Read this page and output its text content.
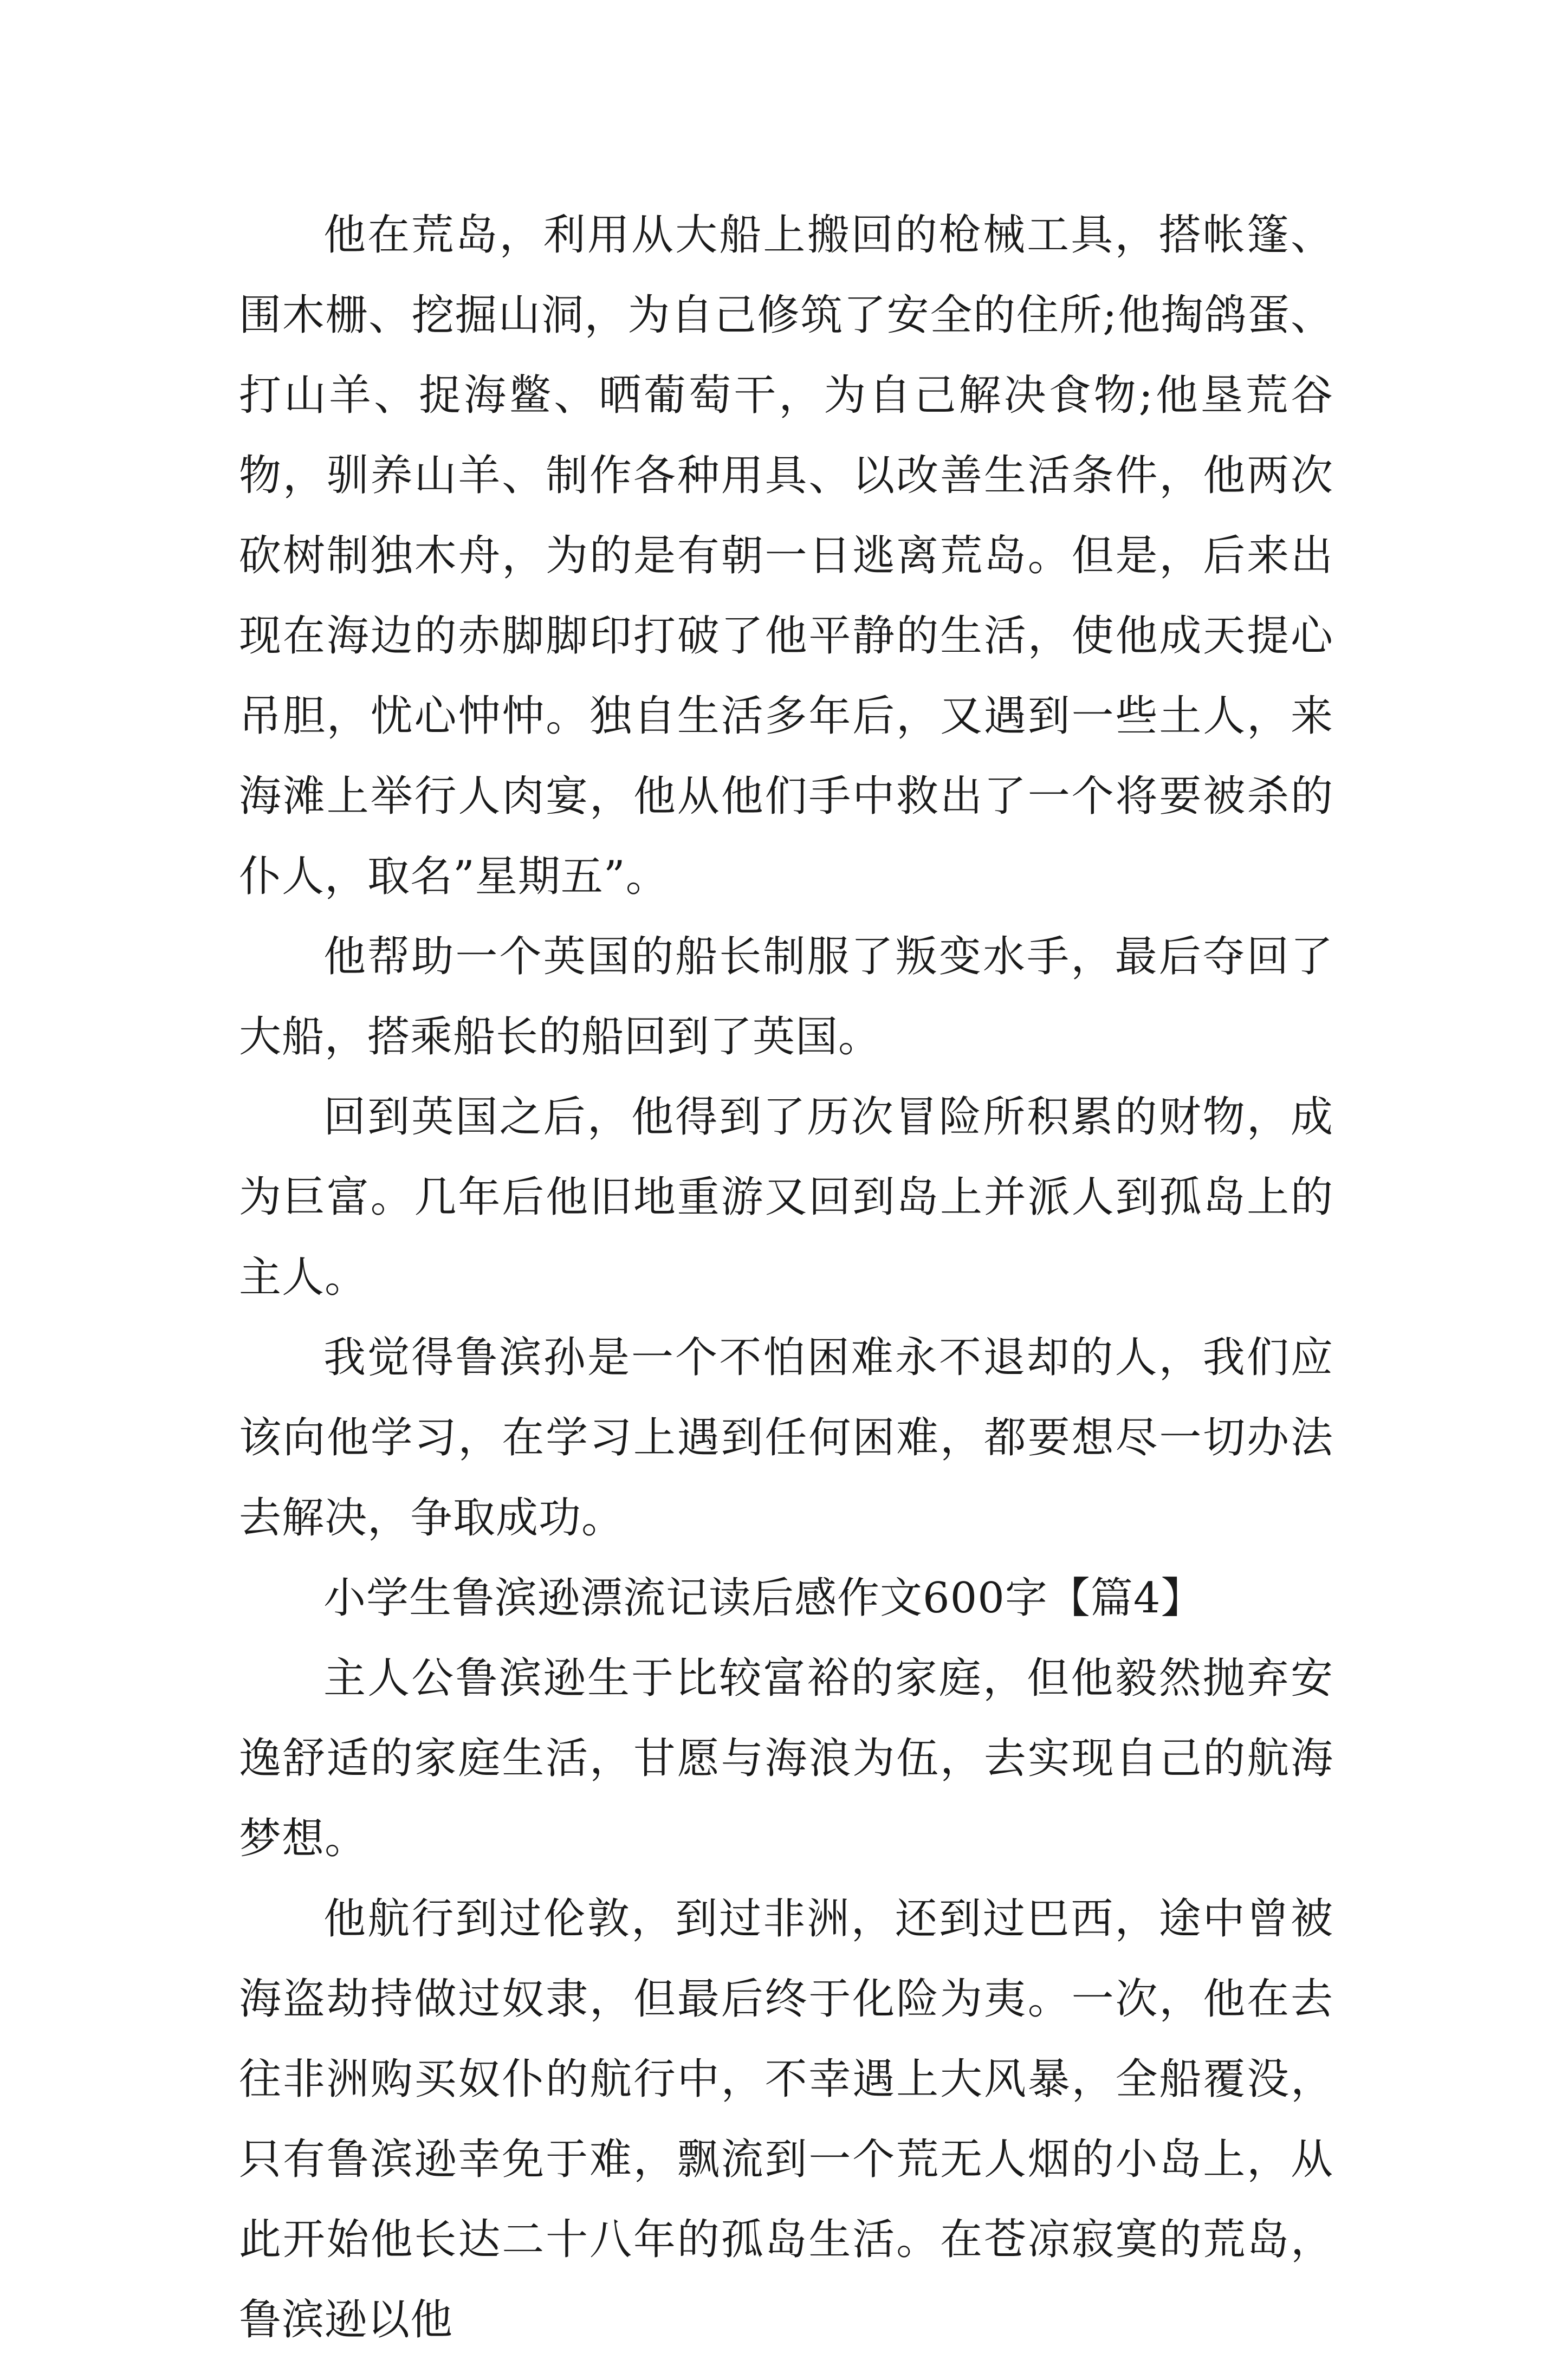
他在荒岛，利用从大船上搬回的枪械工具，搭帐篷、围木栅、挖掘山洞，为自己修筑了安全的住所;他掏鸽蛋、打山羊、捉海鳖、晒葡萄干，为自己解决食物;他垦荒谷物，驯养山羊、制作各种用具、以改善生活条件，他两次砍树制独木舟，为的是有朝一日逃离荒岛。但是，后来出现在海边的赤脚脚印打破了他平静的生活，使他成天提心吊胆，忧心忡忡。独自生活多年后，又遇到一些土人，来海滩上举行人肉宴，他从他们手中救出了一个将要被杀的仆人，取名”星期五”。

他帮助一个英国的船长制服了叛变水手，最后夺回了大船，搭乘船长的船回到了英国。

回到英国之后，他得到了历次冒险所积累的财物，成为巨富。几年后他旧地重游又回到岛上并派人到孤岛上的主人。

我觉得鲁滨孙是一个不怕困难永不退却的人，我们应该向他学习，在学习上遇到任何困难，都要想尽一切办法去解决，争取成功。

小学生鲁滨逊漂流记读后感作文600字【篇4】

主人公鲁滨逊生于比较富裕的家庭，但他毅然抛弃安逸舒适的家庭生活，甘愿与海浪为伍，去实现自己的航海梦想。

他航行到过伦敦，到过非洲，还到过巴西，途中曾被海盗劫持做过奴隶，但最后终于化险为夷。一次，他在去往非洲购买奴仆的航行中，不幸遇上大风暴，全船覆没，只有鲁滨逊幸免于难，飘流到一个荒无人烟的小岛上，从此开始他长达二十八年的孤岛生活。在苍凉寂寞的荒岛，鲁滨逊以他
